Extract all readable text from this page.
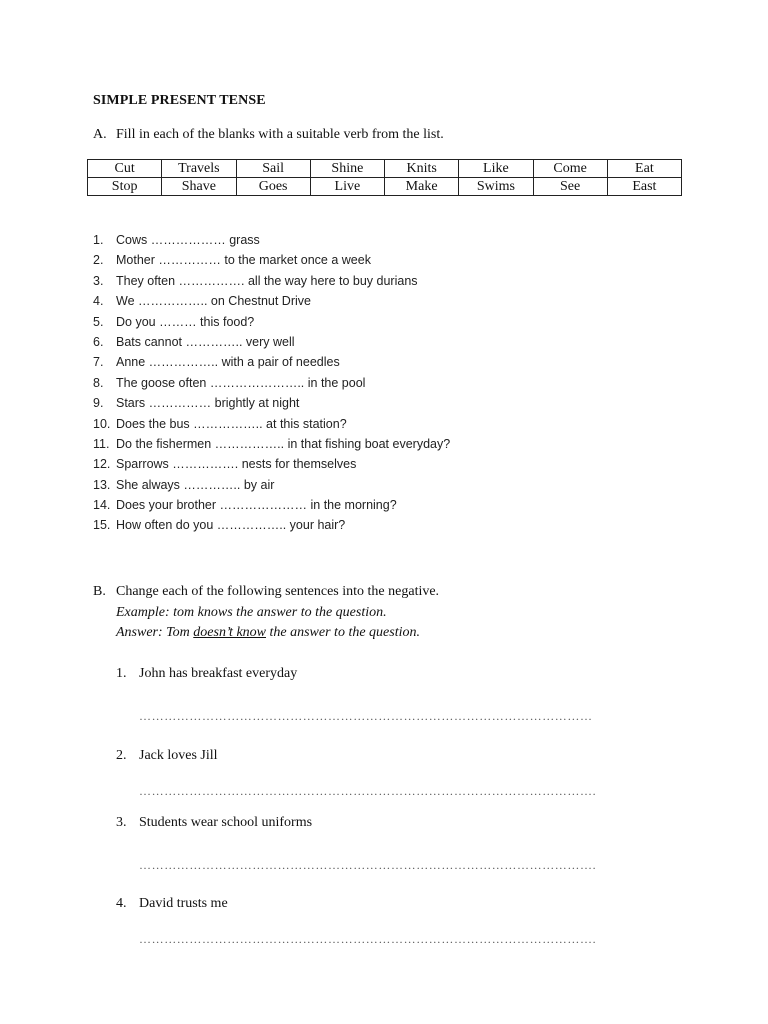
SIMPLE PRESENT TENSE
A. Fill in each of the blanks with a suitable verb from the list.
Cut	Travels	Sail	Shine	Knits	Like	Come	Eat
Stop	Shave	Goes	Live	Make	Swims	See	East
1. Cows ……………… grass
2. Mother …………… to the market once a week
3. They often ……………. all the way here to buy durians
4. We …………….. on Chestnut Drive
5. Do you ……… this food?
6. Bats cannot ………….. very well
7. Anne …………….. with a pair of needles
8. The goose often ………………….. in the pool
9. Stars …………… brightly at night
10. Does the bus …………….. at this station?
11. Do the fishermen …………….. in that fishing boat everyday?
12. Sparrows ……………. nests for themselves
13. She always ………….. by air
14. Does your brother ………………… in the morning?
15. How often do you …………….. your hair?
B. Change each of the following sentences into the negative.
Example: tom knows the answer to the question.
Answer: Tom doesn’t know the answer to the question.
1. John has breakfast everyday
………………………………………………………………………………………………
2. Jack loves Jill
……………………………………………………………………………………………….
3. Students wear school uniforms
……………………………………………………………………………………………….
4. David trusts me
……………………………………………………………………………………………….
